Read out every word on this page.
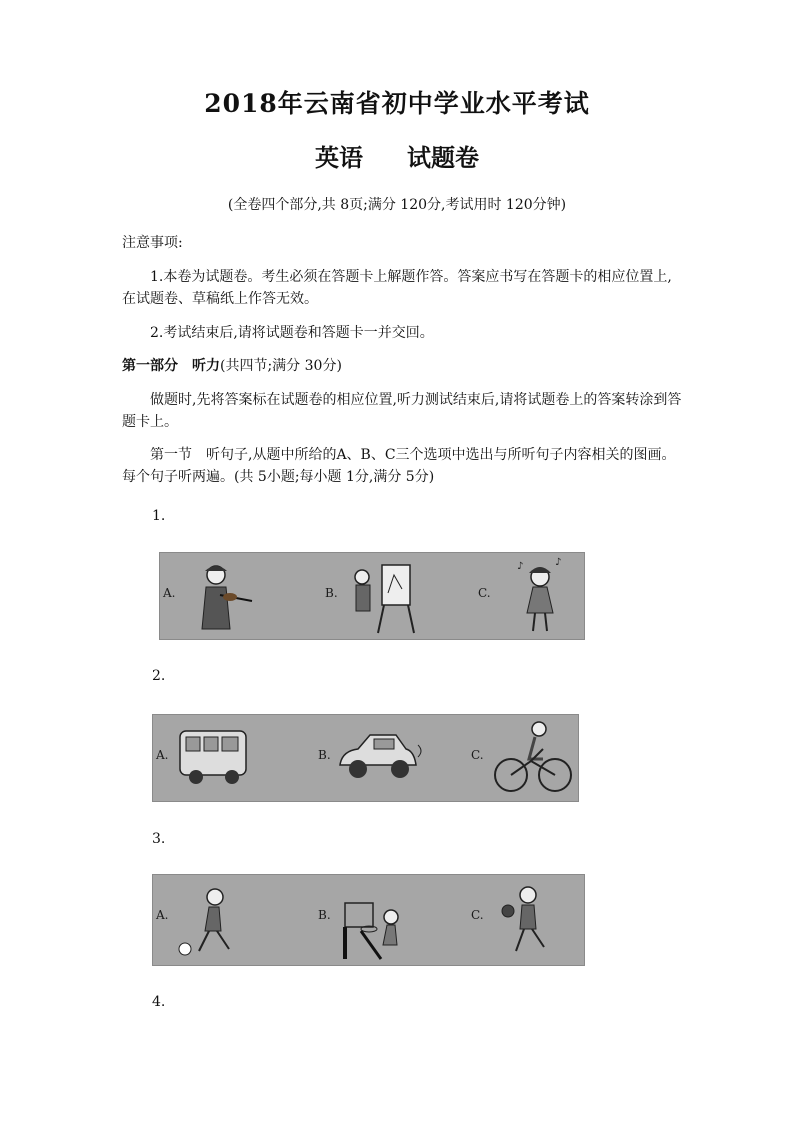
2018年云南省初中学业水平考试
英语 试题卷
(全卷四个部分,共 8页;满分 120分,考试用时 120分钟)
注意事项:
1.本卷为试题卷。考生必须在答题卡上解题作答。答案应书写在答题卡的相应位置上,在试题卷、草稿纸上作答无效。
2.考试结束后,请将试题卷和答题卡一并交回。
第一部分　听力(共四节;满分 30分)
做题时,先将答案标在试题卷的相应位置,听力测试结束后,请将试题卷上的答案转涂到答题卡上。
第一节　听句子,从题中所给的A、B、C三个选项中选出与所听句子内容相关的图画。每个句子听两遍。(共 5小题;每小题 1分,满分 5分)
1.
A.	B.	C.
♪	♪
2.
A.	B.	C.
3.
A.	B.	C.
4.
